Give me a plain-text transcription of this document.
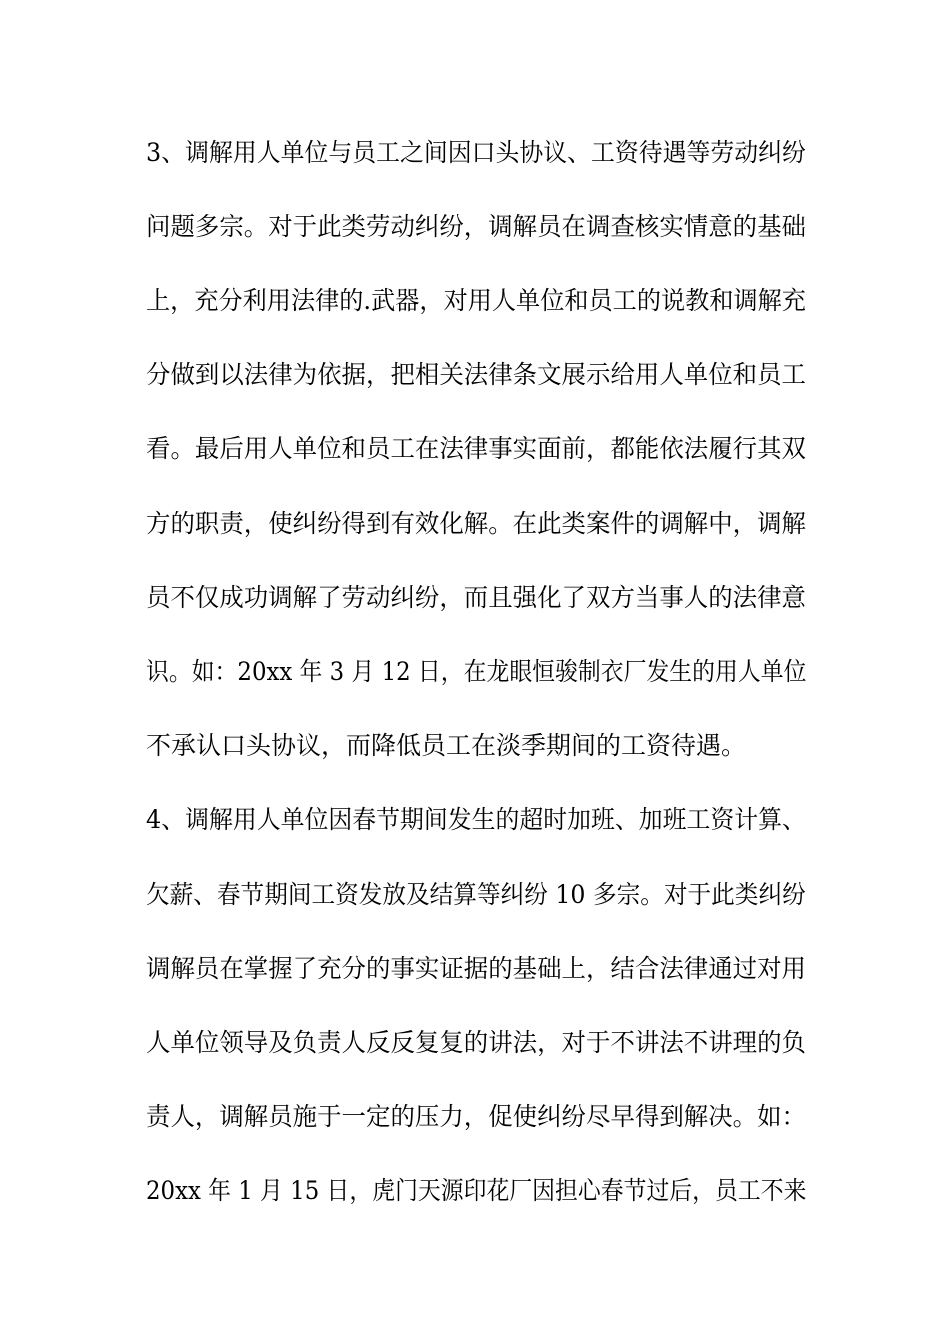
3、调解用人单位与员工之间因口头协议、工资待遇等劳动纠纷
问题多宗。对于此类劳动纠纷，调解员在调查核实情意的基础
上，充分利用法律的.武器，对用人单位和员工的说教和调解充
分做到以法律为依据，把相关法律条文展示给用人单位和员工
看。最后用人单位和员工在法律事实面前，都能依法履行其双
方的职责，使纠纷得到有效化解。在此类案件的调解中，调解
员不仅成功调解了劳动纠纷，而且强化了双方当事人的法律意
识。如：20xx 年 3 月 12 日，在龙眼恒骏制衣厂发生的用人单位
不承认口头协议，而降低员工在淡季期间的工资待遇。
4、调解用人单位因春节期间发生的超时加班、加班工资计算、
欠薪、春节期间工资发放及结算等纠纷 10 多宗。对于此类纠纷
调解员在掌握了充分的事实证据的基础上，结合法律通过对用
人单位领导及负责人反反复复的讲法，对于不讲法不讲理的负
责人，调解员施于一定的压力，促使纠纷尽早得到解决。如：
20xx 年 1 月 15 日，虎门天源印花厂因担心春节过后，员工不来
